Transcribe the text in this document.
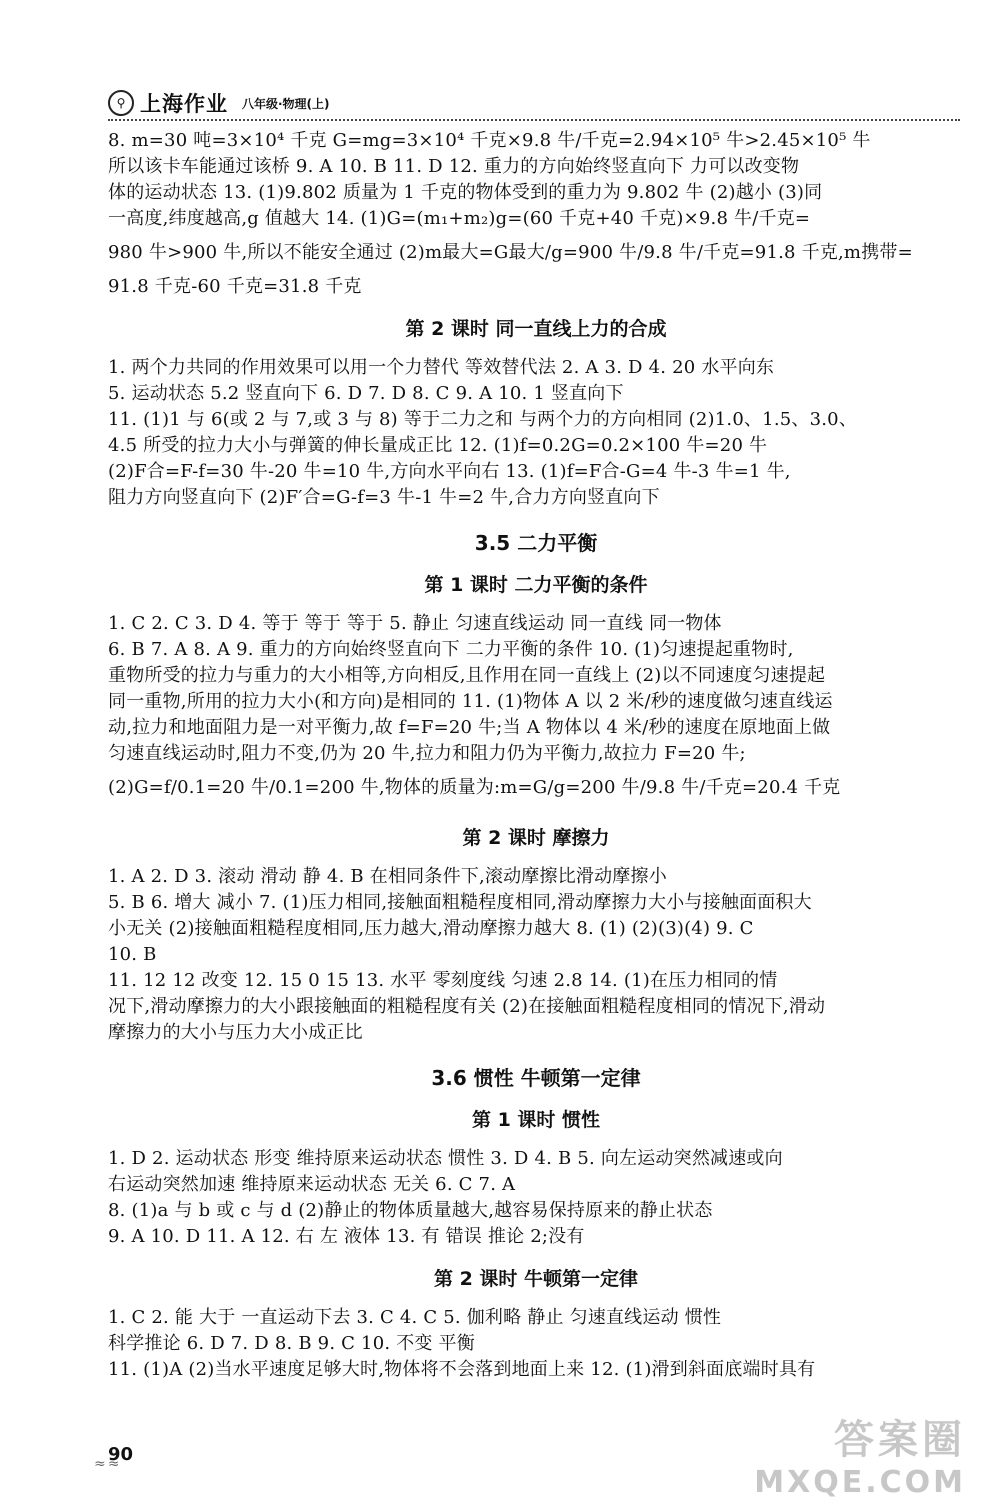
⚲ 上海作业 八年级·物理(上)
8. m=30 吨=3×10⁴ 千克 G=mg=3×10⁴ 千克×9.8 牛/千克=2.94×10⁵ 牛>2.45×10⁵ 牛
所以该卡车能通过该桥 9. A 10. B 11. D 12. 重力的方向始终竖直向下 力可以改变物
体的运动状态 13. (1)9.802 质量为 1 千克的物体受到的重力为 9.802 牛 (2)越小 (3)同
一高度,纬度越高,g 值越大 14. (1)G=(m₁+m₂)g=(60 千克+40 千克)×9.8 牛/千克=
980 牛>900 牛,所以不能安全通过 (2)m最大=G最大/g=900 牛/9.8 牛/千克=91.8 千克,m携带=
91.8 千克-60 千克=31.8 千克
第 2 课时 同一直线上力的合成
1. 两个力共同的作用效果可以用一个力替代 等效替代法 2. A 3. D 4. 20 水平向东
5. 运动状态 5.2 竖直向下 6. D 7. D 8. C 9. A 10. 1 竖直向下
11. (1)1 与 6(或 2 与 7,或 3 与 8) 等于二力之和 与两个力的方向相同 (2)1.0、1.5、3.0、
4.5 所受的拉力大小与弹簧的伸长量成正比 12. (1)f=0.2G=0.2×100 牛=20 牛
(2)F合=F-f=30 牛-20 牛=10 牛,方向水平向右 13. (1)f=F合-G=4 牛-3 牛=1 牛,
阻力方向竖直向下 (2)F′合=G-f=3 牛-1 牛=2 牛,合力方向竖直向下
3.5 二力平衡
第 1 课时 二力平衡的条件
1. C 2. C 3. D 4. 等于 等于 等于 5. 静止 匀速直线运动 同一直线 同一物体
6. B 7. A 8. A 9. 重力的方向始终竖直向下 二力平衡的条件 10. (1)匀速提起重物时,
重物所受的拉力与重力的大小相等,方向相反,且作用在同一直线上 (2)以不同速度匀速提起
同一重物,所用的拉力大小(和方向)是相同的 11. (1)物体 A 以 2 米/秒的速度做匀速直线运
动,拉力和地面阻力是一对平衡力,故 f=F=20 牛;当 A 物体以 4 米/秒的速度在原地面上做
匀速直线运动时,阻力不变,仍为 20 牛,拉力和阻力仍为平衡力,故拉力 F=20 牛;
(2)G=f/0.1=20 牛/0.1=200 牛,物体的质量为:m=G/g=200 牛/9.8 牛/千克=20.4 千克
第 2 课时 摩擦力
1. A 2. D 3. 滚动 滑动 静 4. B 在相同条件下,滚动摩擦比滑动摩擦小
5. B 6. 增大 减小 7. (1)压力相同,接触面粗糙程度相同,滑动摩擦力大小与接触面面积大
小无关 (2)接触面粗糙程度相同,压力越大,滑动摩擦力越大 8. (1) (2)(3)(4) 9. C
10. B
11. 12 12 改变 12. 15 0 15 13. 水平 零刻度线 匀速 2.8 14. (1)在压力相同的情
况下,滑动摩擦力的大小跟接触面的粗糙程度有关 (2)在接触面粗糙程度相同的情况下,滑动
摩擦力的大小与压力大小成正比
3.6 惯性 牛顿第一定律
第 1 课时 惯性
1. D 2. 运动状态 形变 维持原来运动状态 惯性 3. D 4. B 5. 向左运动突然减速或向
右运动突然加速 维持原来运动状态 无关 6. C 7. A
8. (1)a 与 b 或 c 与 d (2)静止的物体质量越大,越容易保持原来的静止状态
9. A 10. D 11. A 12. 右 左 液体 13. 有 错误 推论 2;没有
第 2 课时 牛顿第一定律
1. C 2. 能 大于 一直运动下去 3. C 4. C 5. 伽利略 静止 匀速直线运动 惯性
科学推论 6. D 7. D 8. B 9. C 10. 不变 平衡
11. (1)A (2)当水平速度足够大时,物体将不会落到地面上来 12. (1)滑到斜面底端时具有
90
≈≈
答案圈
MXQE.COM
